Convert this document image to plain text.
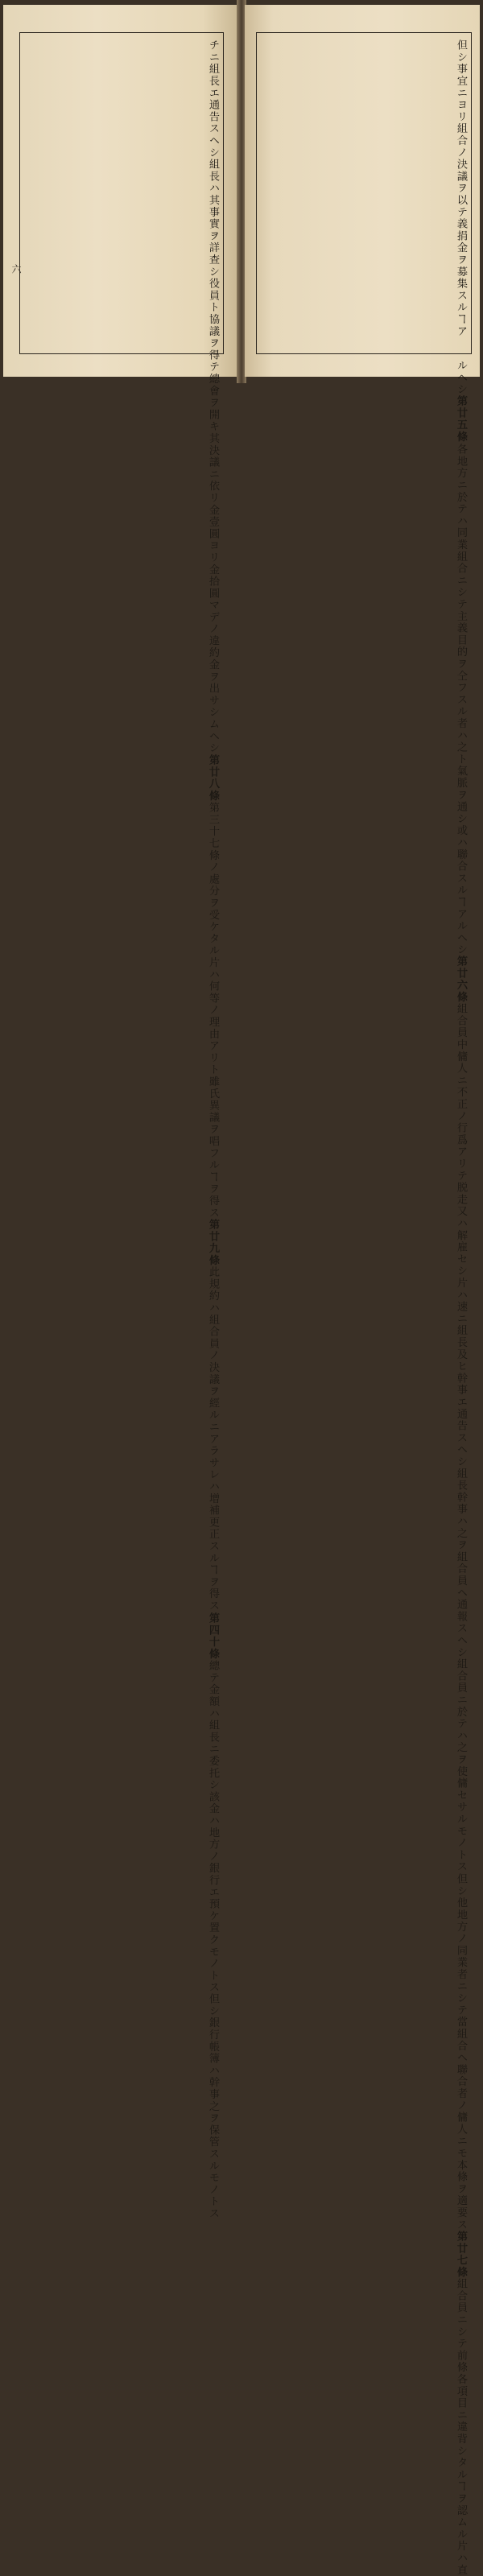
チニ組長エ通告スヘシ組長ハ其事實ヲ詳查シ役員ト協議
ヲ得テ總會ヲ開キ其決議ニ依リ金壹圓ヨリ金拾圓マデ
ノ違約金ヲ出サシムヘシ
第廿八條
第三十七條ノ處分ヲ受ケタル片ハ何等ノ理由アリト雖氏
異議ヲ唱フルヿヲ得ス
第廿九條
此規約ハ組合員ノ決議ヲ經ルニアラサレハ增補更正スル
ヿヲ得ス
第四十條
總テ金額ハ組長ニ委托シ該金ハ地方ノ銀行エ預ケ置クモ
ノトス
但シ銀行帳簿ハ幹事之ヲ保管スルモノトス
六	但シ事宜ニヨリ組合ノ決議ヲ以テ義捐金ヲ募集スルヿア
ルヘシ
第廿五條
各地方ニ於テハ同業組合ニシテ主義目的ヲ仝フスル者ハ
之ト氣脈ヲ通シ或ハ聯合スルヿアルヘシ
第廿六條
組合員中傭人ニ不正ノ行爲アリテ脱走又ハ解雇セシ片ハ
速ニ組長及ヒ幹事エ通告スヘシ組長幹事ハ之ヲ組合員ヘ
通報スヘシ組合員ニ於テハ之ヲ使傭セサルモノトス
但シ他地方ノ同業者ニシテ當組合ヘ聯合者ノ傭人ニモ本
條ヲ適要ス
第廿七條
組合員ニシテ前條各項目ニ違背シタルヿヲ認ムル片ハ直
